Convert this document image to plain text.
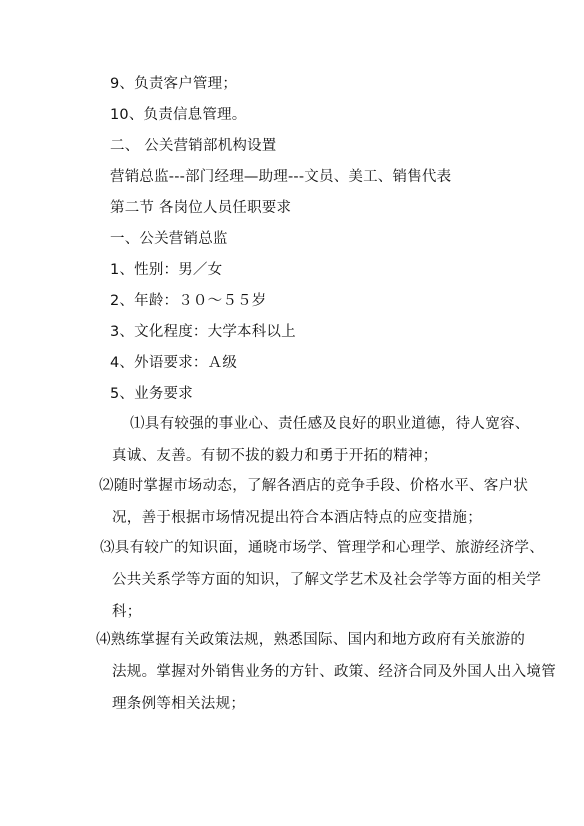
9、负责客户管理；
10、负责信息管理。
二、 公关营销部机构设置
营销总监---部门经理—助理---文员、美工、销售代表
第二节 各岗位人员任职要求
一、公关营销总监
1、性别：男／女
2、年龄：３０～５５岁
3、文化程度：大学本科以上
4、外语要求：Ａ级
5、业务要求
⑴具有较强的事业心、责任感及良好的职业道德，待人宽容、
真诚、友善。有韧不拔的毅力和勇于开拓的精神；
⑵随时掌握市场动态，了解各酒店的竞争手段、价格水平、客户状
况，善于根据市场情况提出符合本酒店特点的应变措施；
⑶具有较广的知识面，通晓市场学、管理学和心理学、旅游经济学、
公共关系学等方面的知识，了解文学艺术及社会学等方面的相关学
科；
⑷熟练掌握有关政策法规，熟悉国际、国内和地方政府有关旅游的
法规。掌握对外销售业务的方针、政策、经济合同及外国人出入境管
理条例等相关法规；
